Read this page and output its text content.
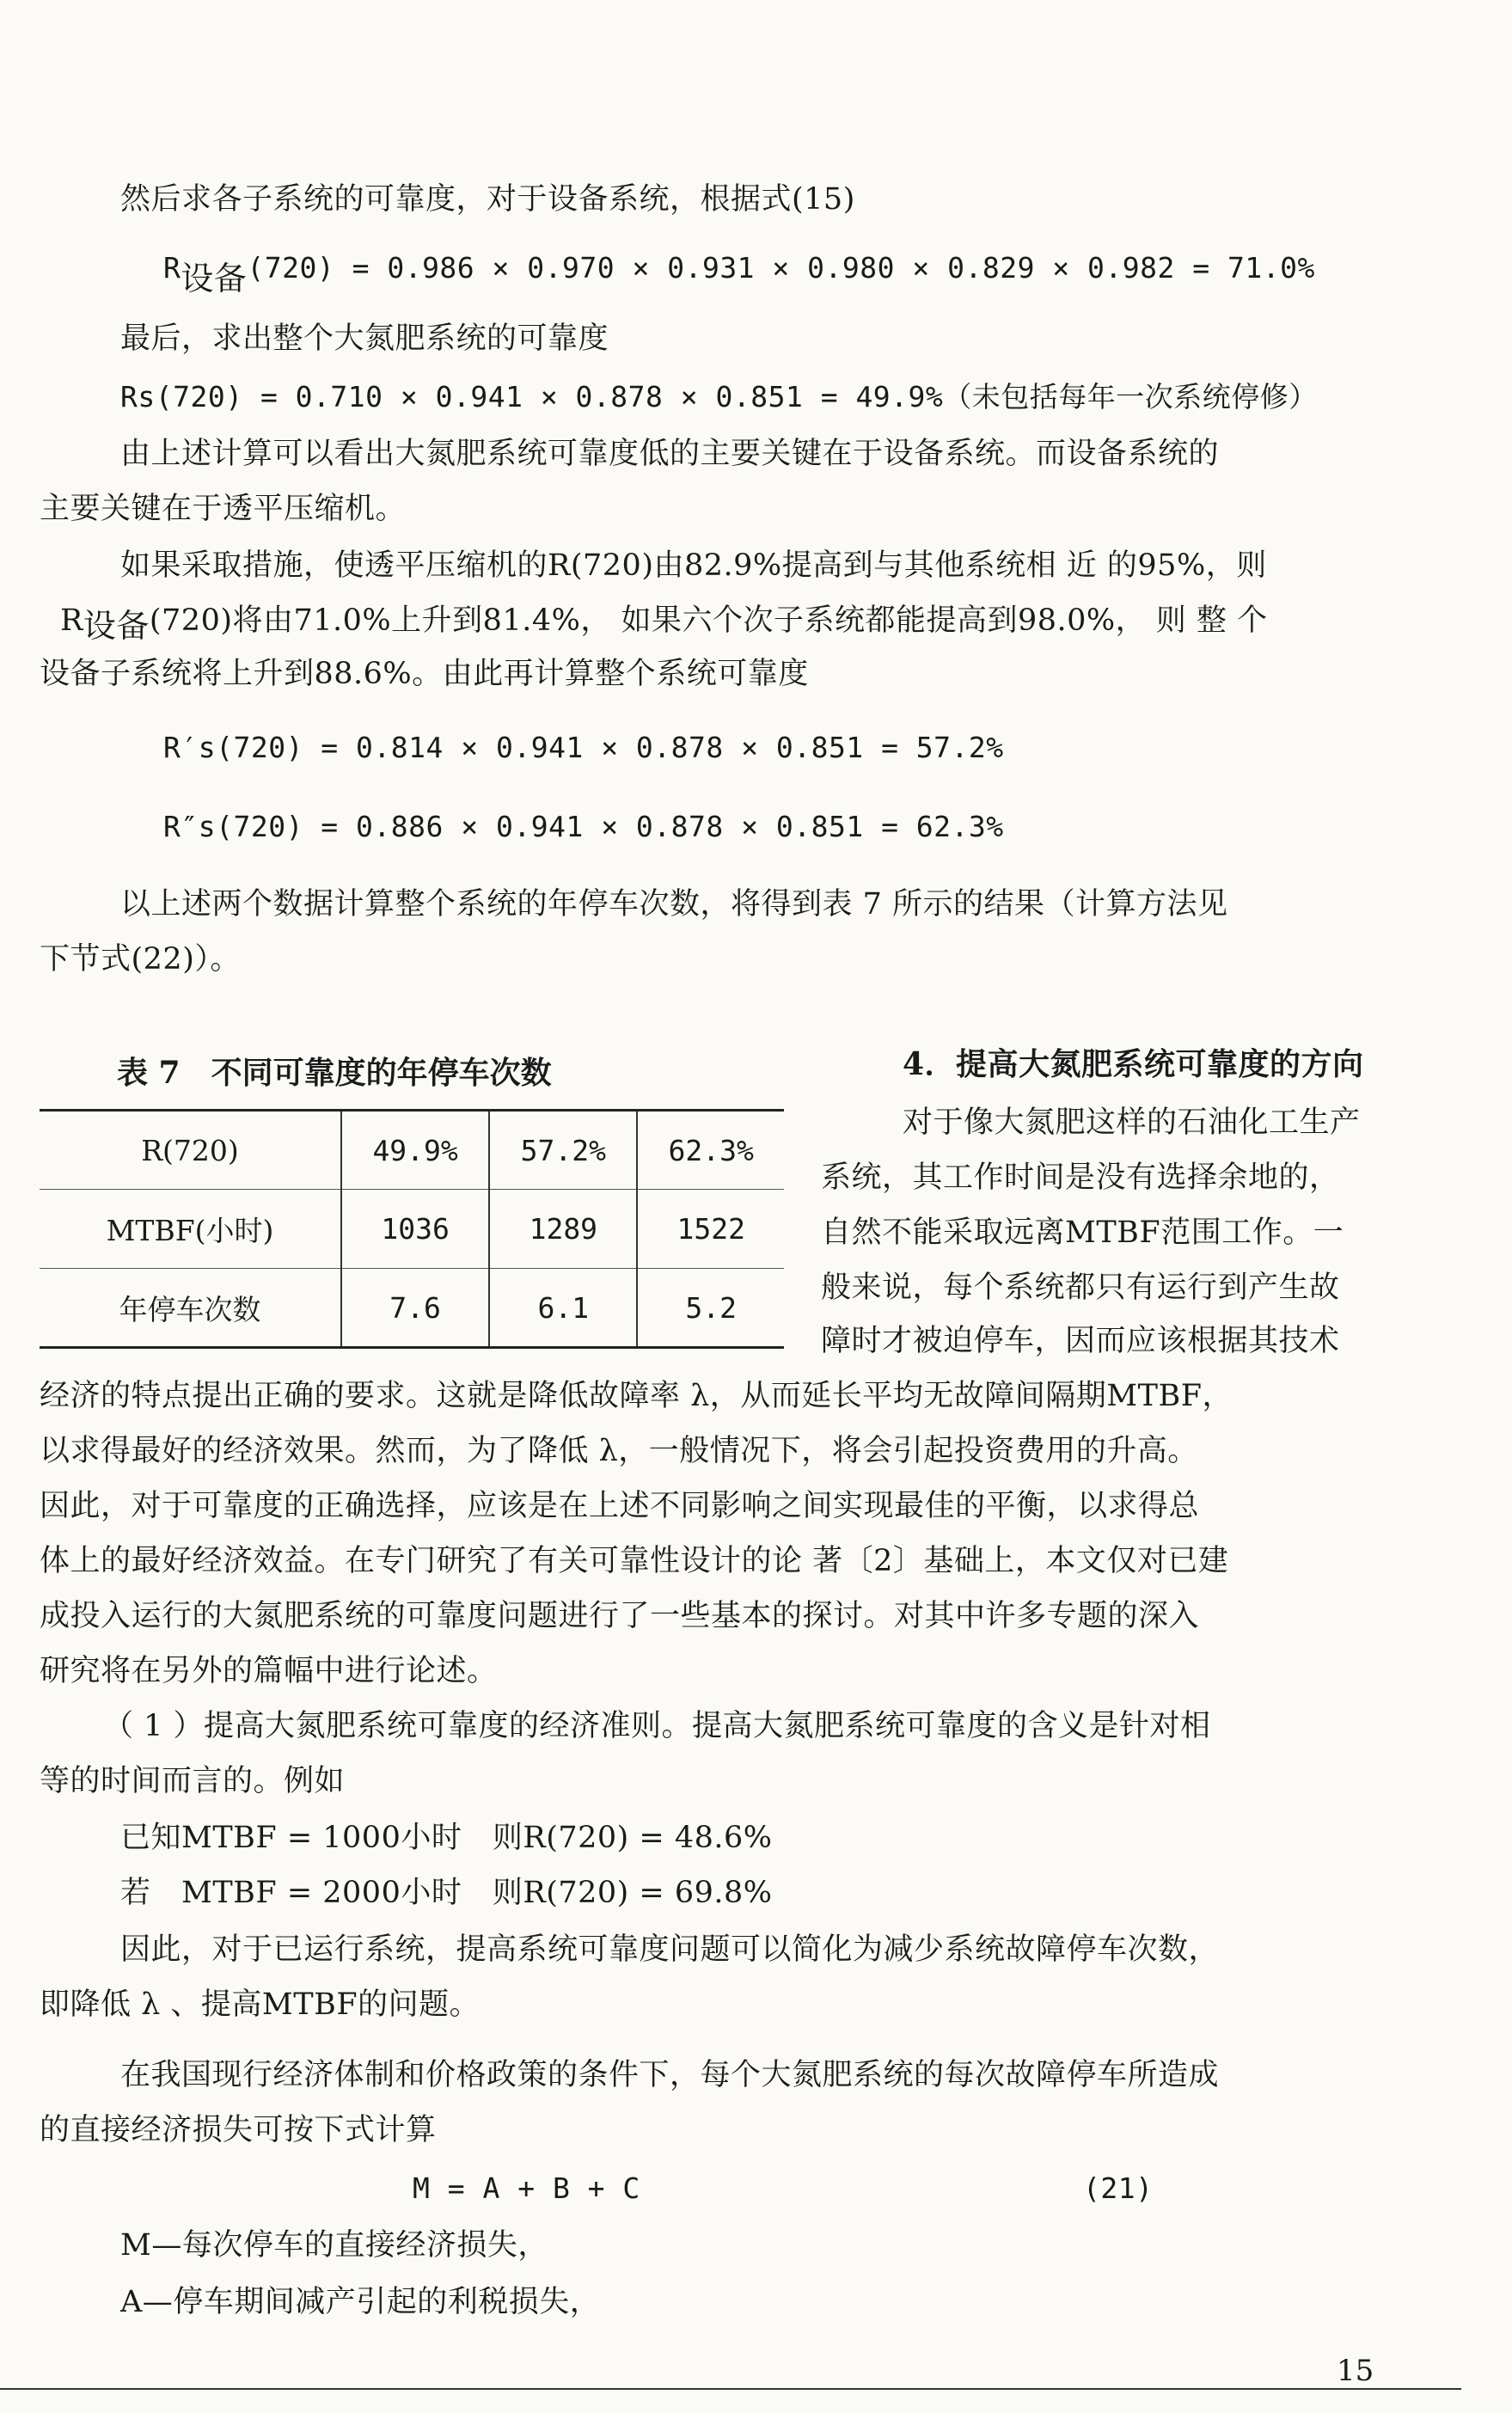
然后求各子系统的可靠度，对于设备系统，根据式(15)
R设备(720) = 0.986 × 0.970 × 0.931 × 0.980 × 0.829 × 0.982 = 71.0%
最后，求出整个大氮肥系统的可靠度
Rs(720) = 0.710 × 0.941 × 0.878 × 0.851 = 49.9%（未包括每年一次系统停修）
由上述计算可以看出大氮肥系统可靠度低的主要关键在于设备系统。而设备系统的
主要关键在于透平压缩机。
如果采取措施，使透平压缩机的R(720)由82.9%提高到与其他系统相 近 的95%，则
R设备(720)将由71.0%上升到81.4%， 如果六个次子系统都能提高到98.0%， 则 整 个
设备子系统将上升到88.6%。由此再计算整个系统可靠度
R′s(720) = 0.814 × 0.941 × 0.878 × 0.851 = 57.2%
R″s(720) = 0.886 × 0.941 × 0.878 × 0.851 = 62.3%
以上述两个数据计算整个系统的年停车次数，将得到表 7 所示的结果（计算方法见
下节式(22)）。
表 7　不同可靠度的年停车次数
R(720)	49.9%	57.2%	62.3%
MTBF(小时)	1036	1289	1522
年停车次数	7.6	6.1	5.2
4．提高大氮肥系统可靠度的方向
对于像大氮肥这样的石油化工生产
系统，其工作时间是没有选择余地的，
自然不能采取远离MTBF范围工作。一
般来说，每个系统都只有运行到产生故
障时才被迫停车，因而应该根据其技术
经济的特点提出正确的要求。这就是降低故障率 λ，从而延长平均无故障间隔期MTBF，
以求得最好的经济效果。然而，为了降低 λ，一般情况下，将会引起投资费用的升高。
因此，对于可靠度的正确选择，应该是在上述不同影响之间实现最佳的平衡，以求得总
体上的最好经济效益。在专门研究了有关可靠性设计的论 著〔2〕基础上，本文仅对已建
成投入运行的大氮肥系统的可靠度问题进行了一些基本的探讨。对其中许多专题的深入
研究将在另外的篇幅中进行论述。
（ 1 ）提高大氮肥系统可靠度的经济准则。提高大氮肥系统可靠度的含义是针对相
等的时间而言的。例如
已知MTBF = 1000小时　则R(720) = 48.6%
若　MTBF = 2000小时　则R(720) = 69.8%
因此，对于已运行系统，提高系统可靠度问题可以简化为减少系统故障停车次数，
即降低 λ 、提高MTBF的问题。
在我国现行经济体制和价格政策的条件下，每个大氮肥系统的每次故障停车所造成
的直接经济损失可按下式计算
M = A + B + C	(21)
M—每次停车的直接经济损失，
A—停车期间减产引起的利税损失，
15
